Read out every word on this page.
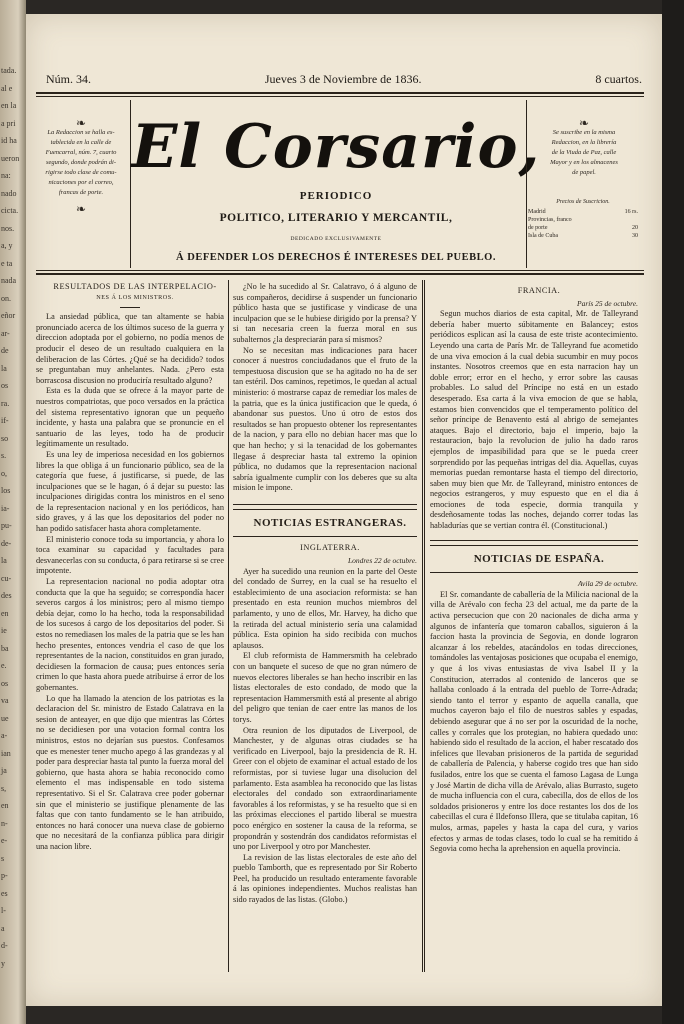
tada.
al e
en la
a pri
id ha
ueron
na:
nado
cicta.
nos.
a, y
e ta
nada
on.
eñor
ar-
de
la
os
ra.
if-
so
s.
o,
los
ia-
pu-
de-
la
cu-
des
en
ie
ba
e.
os
va
ue
a-
ian
ja
s,
en
n-
e-
s
p-
es
l-
a
d-
y
Núm. 34.	Jueves 3 de Noviembre de 1836.	8 cuartos.
❧
La Redaccion se halla es-
tablecida en la calle de
Fuencarral, núm. 7, cuarto
segundo, donde podrán di-
rigirse todo clase de comu-
nicaciones por el correo,
francas de porte.
❧
El Corsario,
PERIODICO
POLITICO, LITERARIO Y MERCANTIL,
DEDICADO EXCLUSIVAMENTE
Á DEFENDER LOS DERECHOS É INTERESES DEL PUEBLO.
❧
Se suscribe en la misma
Redaccion, en la librería
de la Viuda de Paz, calle
Mayor y en los almacenes
de papel.
Precios de Suscricion.
Madrid	16 rs.
Provincias, franco
de porte	20
Isla de Cuba	30

RESULTADOS DE LAS INTERPELACIO-

NES Á LOS MINISTROS.

La ansiedad pública, que tan altamente se habia pronunciado acerca de los últimos suceso de la guerra y direccion adoptada por el gobierno, no podía menos de producir el deseo de un resultado cualquiera en la deliberacion de las Córtes. ¿Qué se ha decidido? todos se preguntaban muy anhelantes. Nada. ¿Pero esta borrascosa discusion no produciría resultado alguno?

Esta es la duda que se ofrece á la mayor parte de nuestros compatriotas, que poco versados en la práctica del sistema representativo ignoran que un pequeño incidente, y hasta una palabra que se pronuncie en el santuario de las leyes, todo ha de producir legítimamente un resultado.

Es una ley de imperiosa necesidad en los gobiernos libres la que obliga á un funcionario público, sea de la categoría que fuese, á justificarse, si puede, de las inculpaciones que se le hagan, ó á dejar su puesto: las inculpaciones dirigidas contra los ministros en el seno de la representacion nacional y en los periódicos, han sido graves, y á las que los depositarios del poder no han podido satisfacer hasta ahora completamente.

El ministerio conoce toda su importancia, y ahora lo toca examinar su capacidad y facultades para desvanecerlas con su conducta, ó para retirarse si se cree impotente.

La representacion nacional no podia adoptar otra conducta que la que ha seguido; se correspondía hacer severos cargos á los ministros; pero al mismo tiempo debía dejar, como lo ha hecho, toda la responsabilidad de los sucesos á cargo de los depositarios del poder. Si estos no remediasen los males de la patria que se les han hecho presentes, entonces vendria el caso de que los representantes de la nacion, constituidos en gran jurado, decidiesen la formacion de causa; pues entonces sería crimen lo que hasta ahora puede atribuirse á error de los gobernantes.

Lo que ha llamado la atencion de los patriotas es la declaracion del Sr. ministro de Estado Calatrava en la sesion de anteayer, en que dijo que mientras las Córtes no se decidiesen por una votacion formal contra los ministros, estos no dejarían sus puestos. Confesamos que es menester tener mucho apego á las grandezas y al poder para despreciar hasta tal punto la fuerza moral del gobierno, que hasta ahora se habia reconocido como elemento el mas indispensable en todo sistema representativo. Si el Sr. Calatrava cree poder gobernar sin que el ministerio se justifique plenamente de las faltas que con tanto fundamento se le han atribuido, entonces no hará conocer una nueva clase de gobierno que no necesitará de la confianza pública para dirigir una nacion libre.

¿No le ha sucedido al Sr. Calatravo, ó á alguno de sus compañeros, decidirse á suspender un funcionario público hasta que se justificase y vindicase de una inculpacion que se le hubiese dirigido por la prensa? Y si tan necesaria creen la fuerza moral en sus subalternos ¿la despreciarán para sí mismos?

No se necesitan mas indicaciones para hacer conocer á nuestros conciudadanos que el fruto de la tempestuosa discusion que se ha agitado no ha de ser tan estéril. Dos caminos, repetimos, le quedan al actual ministerio: ó mostrarse capaz de remediar los males de la patria, que es la única justificacion que le queda, ó abandonar sus puestos. Uno ú otro de estos dos resultados se han propuesto obtener los representantes de la nacion, y para ello no debian hacer mas que lo que han hecho; y si la tenacidad de los gobernantes llegase á despreciar hasta tal extremo la opinion pública, no dudamos que la representacion nacional sabría igualmente cumplir con los deberes que su alta mision le impone.

NOTICIAS ESTRANGERAS.

INGLATERRA.

Londres 22 de octubre.

Ayer ha sucedido una reunion en la parte del Oeste del condado de Surrey, en la cual se ha resuelto el establecimiento de una asociacion reformista: se han presentado en esta reunion muchos miembros del parlamento, y uno de ellos, Mr. Harvey, ha dicho que la retirada del actual ministerio sería una calamidad pública. Esta opinion ha sido recibida con muchos aplausos.

El club reformista de Hammersmith ha celebrado con un banquete el suceso de que no gran número de nuevos electores liberales se han hecho inscribir en las listas electorales de esto condado, de modo que la representacion Hammersmith está al presente al abrigo del peligro que tenian de caer entre las manos de los torys.

Otra reunion de los diputados de Liverpool, de Manchester, y de algunas otras ciudades se ha verificado en Liverpool, bajo la presidencia de R. H. Greer con el objeto de examinar el actual estado de los reformistas, por si tuviese lugar una disolucion del parlamento. Esta asamblea ha reconocido que las listas electorales del condado son extraordinariamente favorables á los reformistas, y se ha resuelto que si en las próximas elecciones el partido liberal se muestra poco enérgico en sostener la causa de la reforma, se propondrán y sostendrán dos candidatos reformistas el uno por Liverpool y otro por Manchester.

La revision de las listas electorales de este año del pueblo Tamborth, que es representado por Sir Roberto Peel, ha producido un resultado enteramente favorable á las opiniones independientes. Muchos realistas han sido rayados de las listas. (Globo.)

FRANCIA.

París 25 de octubre.

Segun muchos diarios de esta capital, Mr. de Talleyrand debería haber muerto súbitamente en Balancey; estos periódicos esplican así la causa de este triste acontecimiento. Leyendo una carta de París Mr. de Talleyrand fue acometido de una viva emocion á la cual debia sucumbir en muy pocos instantes. Nosotros creemos que en esta narracion hay un doble error; error en el hecho, y error sobre las causas probables. Lo salud del Príncipe no está en un estado desesperado. Esa carta á la viva emocion de que se habla, estamos bien convencidos que el temperamento político del señor príncipe de Benavento está al abrigo de semejantes ataques. Bajo el directorio, bajo el imperio, bajo la restauracion, bajo la revolucion de julio ha dado raros ejemplos de impasibilidad para que se le pueda creer sorprendido por las pequeñas intrigas del dia. Aquellas, cuyas memorias puedan remontarse hasta el tiempo del directorio, saben muy bien que Mr. de Talleyrand, ministro entonces de negocios estrangeros, y muy espuesto que en el dia á emociones de toda especie, dormia tranquila y desdeñosamente todas las noches, dejando correr todas las habladurías que se vertian contra él. (Constitucional.)

NOTICIAS DE ESPAÑA.

Avila 29 de octubre.

El Sr. comandante de caballería de la Milicia nacional de la villa de Arévalo con fecha 23 del actual, me da parte de la activa persecucion que con 20 nacionales de dicha arma y algunos de infantería que tomaron caballos, siguieron á la faccion hasta la provincia de Segovia, en donde lograron alcanzar á los rebeldes, atacándolos en todas direcciones, tomándoles las ventajosas posiciones que ocupaba el enemigo, y que á los vivas entusiastas de viva Isabel II y la Constitucion, aterrados al contenido de lanceros que se hallaba conloado á la entrada del pueblo de Torre-Adrada; siendo tanto el terror y espanto de aquella canalla, que muchos cayeron bajo el filo de nuestros sables y espadas, debiendo asegurar que á no ser por la oscuridad de la noche, calles y corrales que los protegian, no habiera quedado uno: habiendo sido el resultado de la accion, el haber rescatado dos infelices que llevaban prisioneros de la partida de seguridad de caballería de Palencia, y haberse cogido tres que han sido fusilados, entre los que se cuenta el famoso Lagasa de Lunga y José Martin de dicha villa de Arévalo, alias Burrasto, sugeto de mucha influencia con el cura, cabecilla, dos de ellos de los soldados prisioneros y entre los doce restantes los dos de los cabecillas el cura é Ildefonso Illera, que se titulaba capitan, 16 mulos, armas, papeles y hasta la capa del cura, y varios efectos y armas de todas clases, todo lo cual se ha remitido á Segovia como hecha la aprehension en aquella provincia.
